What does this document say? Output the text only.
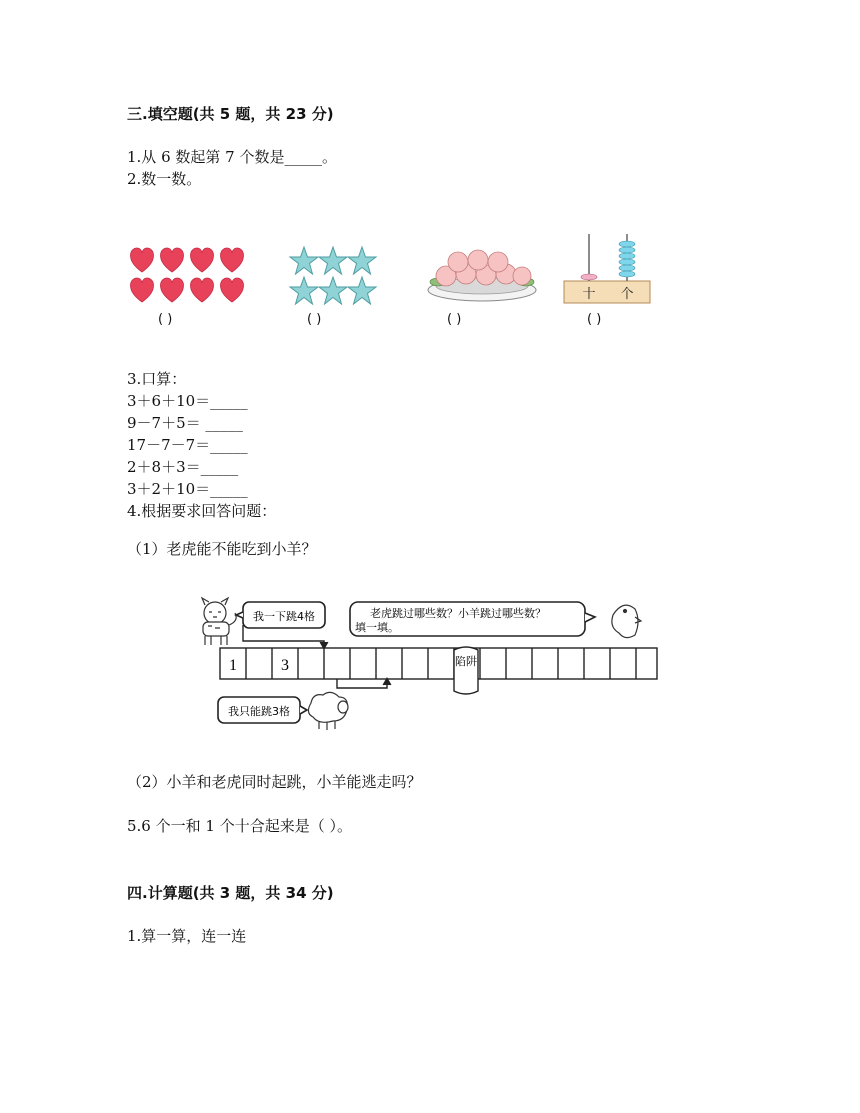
三.填空题(共 5 题，共 23 分)
1.从 6 数起第 7 个数是_____。
2.数一数。
十 个
( )	( )	( )	( )
3.口算：
3＋6＋10＝_____
9－7＋5＝ _____
17－7－7＝_____
2＋8＋3＝_____
3＋2＋10＝_____
4.根据要求回答问题：
（1）老虎能不能吃到小羊？
我一下跳4格	老虎跳过哪些数？小羊跳过哪些数？
填一填。
1	3	陷阱
我只能跳3格
（2）小羊和老虎同时起跳，小羊能逃走吗？
5.6 个一和 1 个十合起来是（ ）。
四.计算题(共 3 题，共 34 分)
1.算一算，连一连
